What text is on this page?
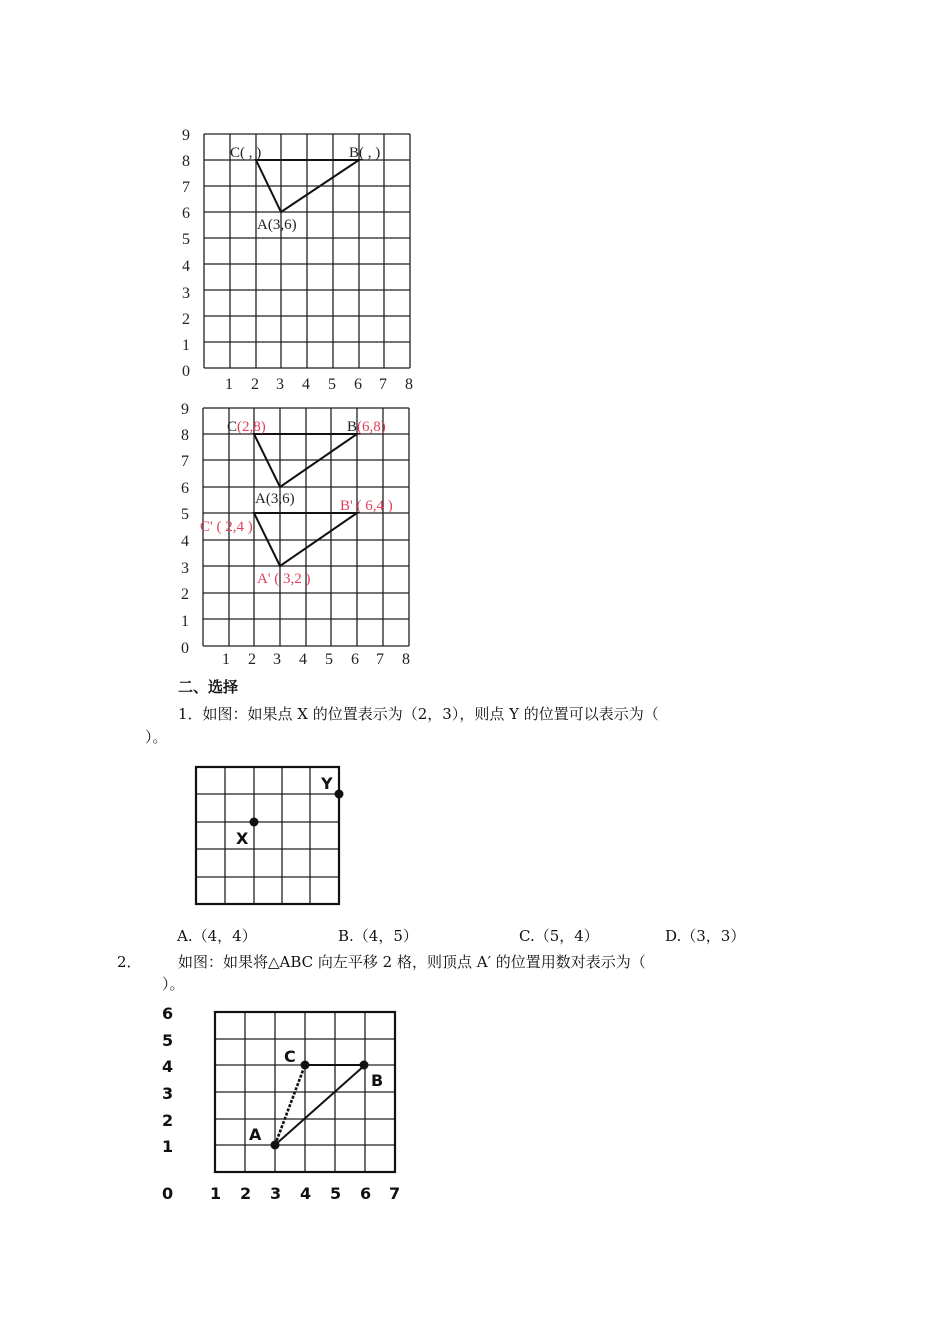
0
1
2
3
4
5
6
7
8
9
1 2 3 4 5 6 7 8
C( , )	B( , )
A(3,6)
0
1
2
3
4
5
6
7
8
9
1 2 3 4 5 6 7 8
C(2,8)	B(6,8)
A(3,6)	B' ( 6,4 )
C' ( 2,4 )
A' ( 3,2 )
二、选择
1．如图：如果点 X 的位置表示为（2，3），则点 Y 的位置可以表示为（
）。
X
Y
A.（4，4）	B.（4，5）	C.（5，4）	D.（3，3）
2． 如图：如果将△ABC 向左平移 2 格，则顶点 A′ 的位置用数对表示为（
）。
1
2
3
4
5
6
0 1 2 3 4 5 6 7
A
C
B
